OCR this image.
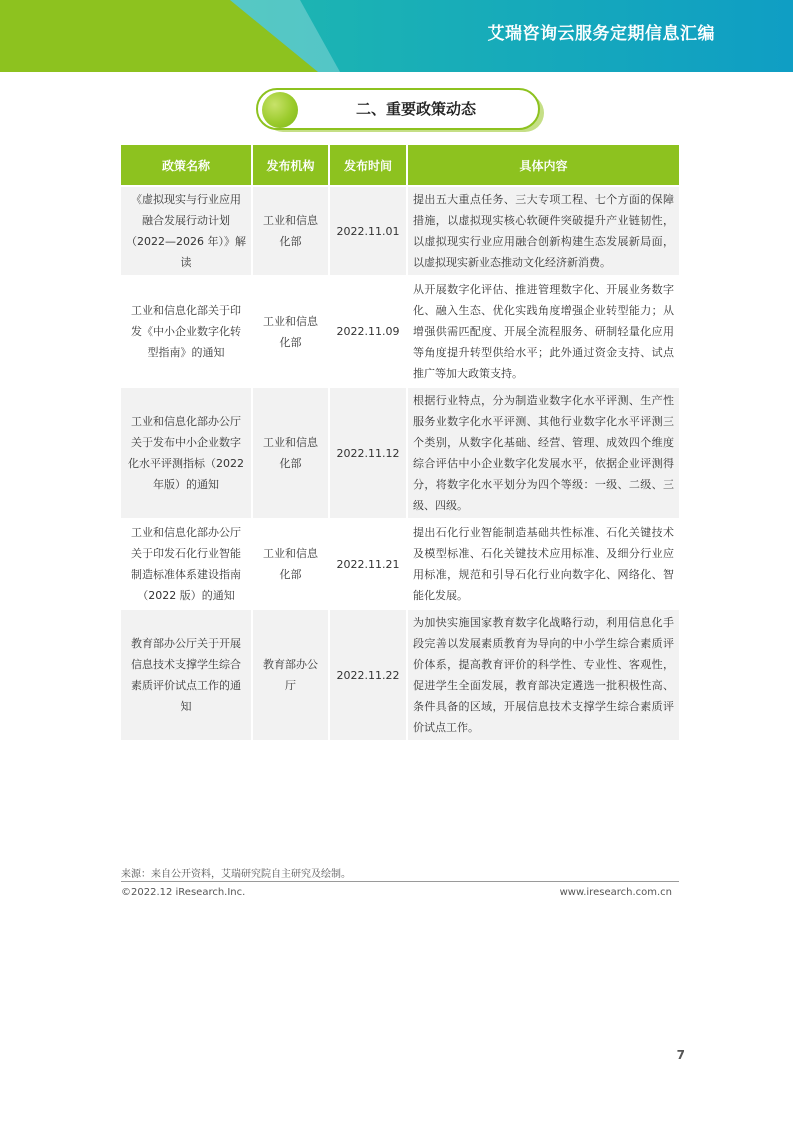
艾瑞咨询云服务定期信息汇编
二、重要政策动态
政策名称	发布机构	发布时间	具体内容
《虚拟现实与行业应用融合发展行动计划（2022—2026 年）》解读	工业和信息化部	2022.11.01	提出五大重点任务、三大专项工程、七个方面的保障措施，以虚拟现实核心软硬件突破提升产业链韧性，以虚拟现实行业应用融合创新构建生态发展新局面，以虚拟现实新业态推动文化经济新消费。
工业和信息化部关于印发《中小企业数字化转型指南》的通知	工业和信息化部	2022.11.09	从开展数字化评估、推进管理数字化、开展业务数字化、融入生态、优化实践角度增强企业转型能力；从增强供需匹配度、开展全流程服务、研制轻量化应用等角度提升转型供给水平；此外通过资金支持、试点推广等加大政策支持。
工业和信息化部办公厅关于发布中小企业数字化水平评测指标（2022 年版）的通知	工业和信息化部	2022.11.12	根据行业特点，分为制造业数字化水平评测、生产性服务业数字化水平评测、其他行业数字化水平评测三个类别，从数字化基础、经营、管理、成效四个维度综合评估中小企业数字化发展水平，依据企业评测得分，将数字化水平划分为四个等级：一级、二级、三级、四级。
工业和信息化部办公厅关于印发石化行业智能制造标准体系建设指南（2022 版）的通知	工业和信息化部	2022.11.21	提出石化行业智能制造基础共性标准、石化关键技术及模型标准、石化关键技术应用标准、及细分行业应用标准，规范和引导石化行业向数字化、网络化、智能化发展。
教育部办公厅关于开展信息技术支撑学生综合素质评价试点工作的通知	教育部办公厅	2022.11.22	为加快实施国家教育数字化战略行动，利用信息化手段完善以发展素质教育为导向的中小学生综合素质评价体系，提高教育评价的科学性、专业性、客观性，促进学生全面发展，教育部决定遴选一批积极性高、条件具备的区域，开展信息技术支撑学生综合素质评价试点工作。
来源：来自公开资料，艾瑞研究院自主研究及绘制。
©2022.12 iResearch.Inc.	www.iresearch.com.cn
7
